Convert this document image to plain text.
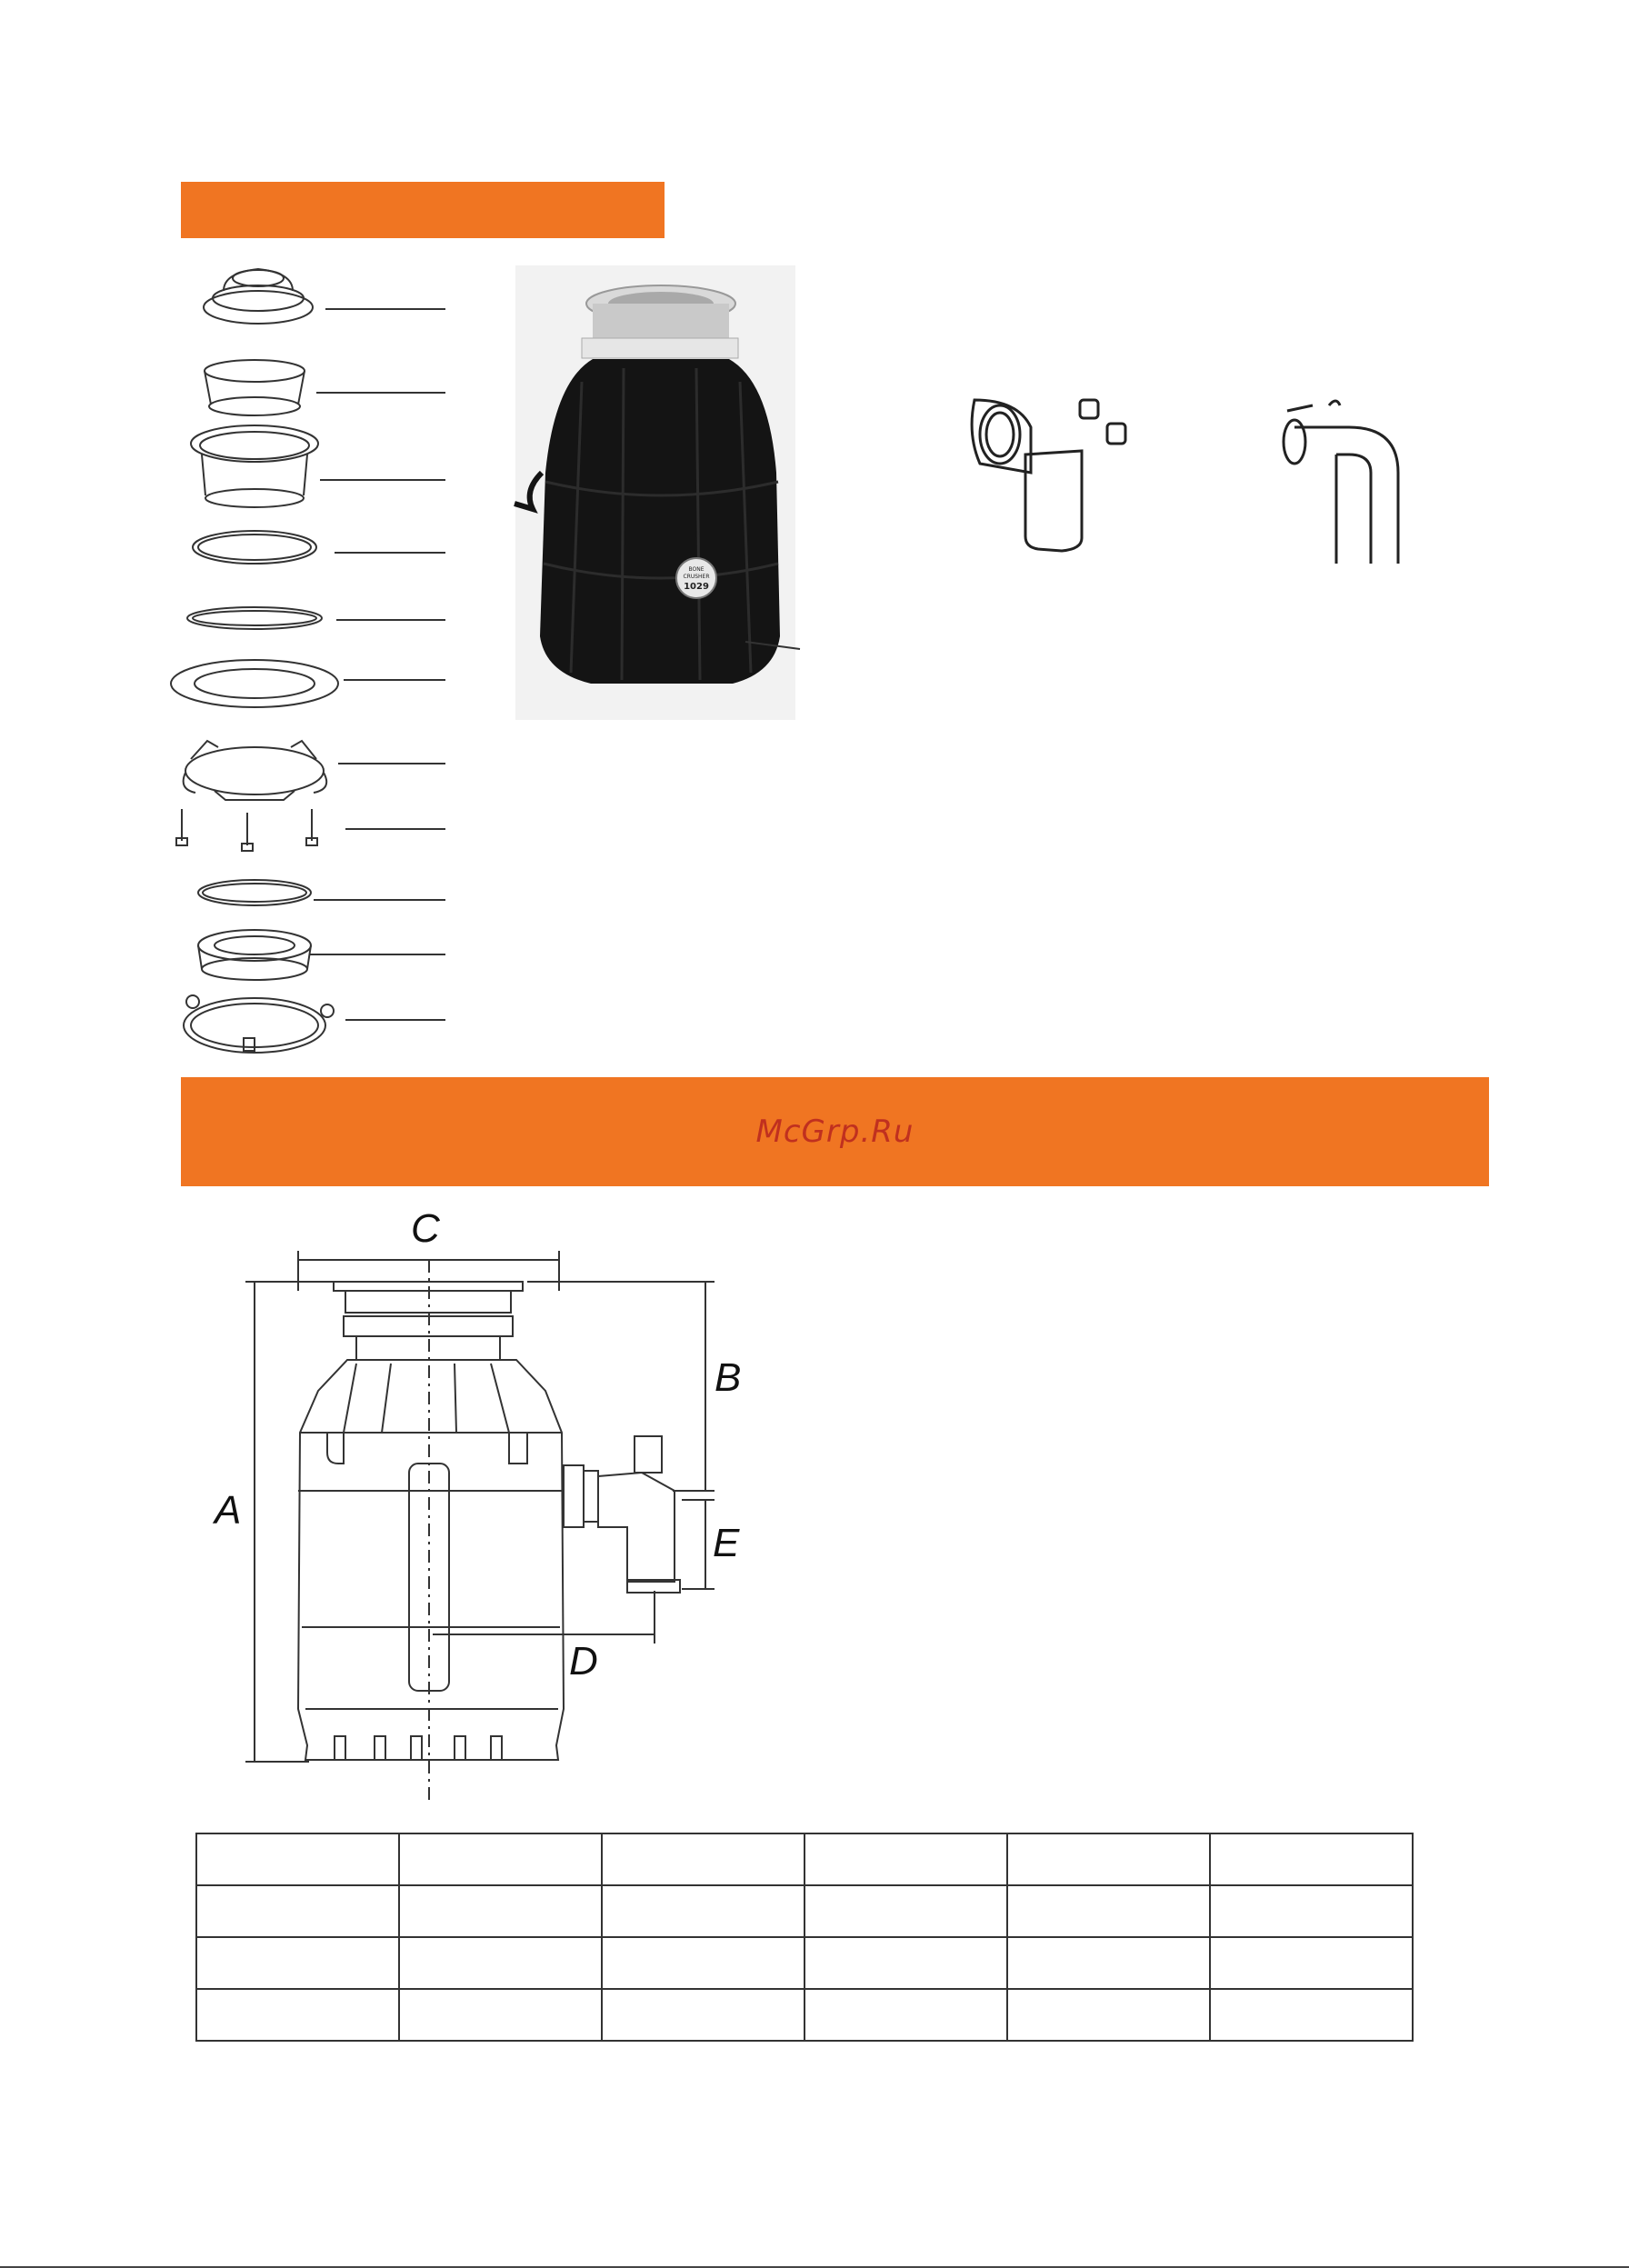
BONE
CRUSHER
1029
McGrp.Ru
C
B
A
E
D
